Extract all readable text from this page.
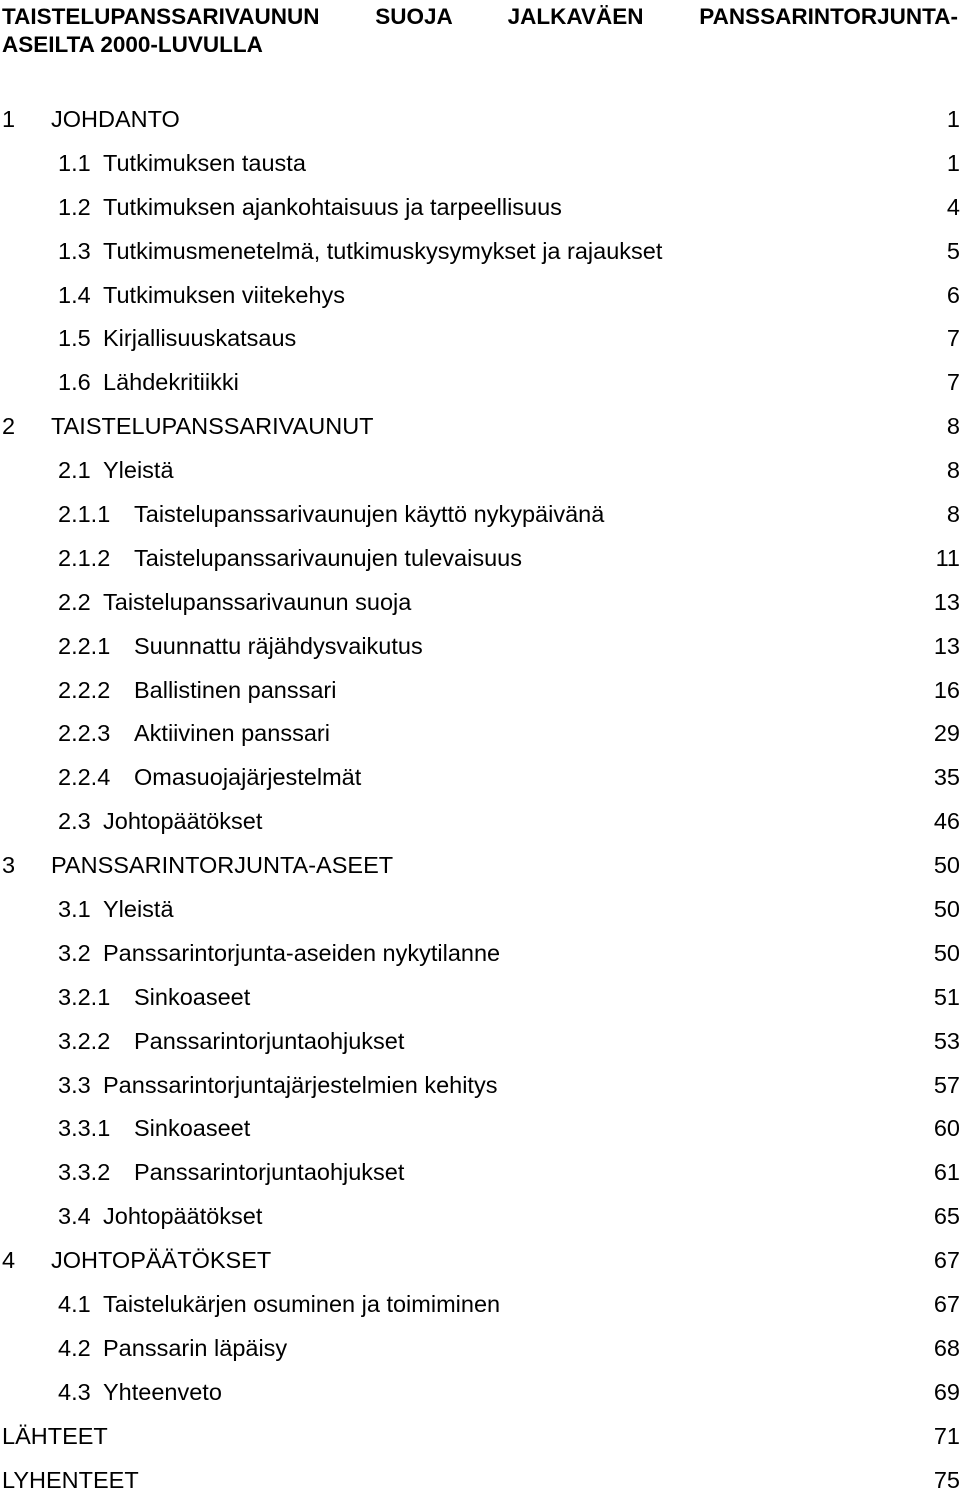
TAISTELUPANSSARIVAUNUN SUOJA JALKAVÄEN PANSSARINTORJUNTA-
ASEILTA 2000-LUVULLA
1 JOHDANTO	1
1.1 Tutkimuksen tausta	1
1.2 Tutkimuksen ajankohtaisuus ja tarpeellisuus	4
1.3 Tutkimusmenetelmä, tutkimuskysymykset ja rajaukset	5
1.4 Tutkimuksen viitekehys	6
1.5 Kirjallisuuskatsaus	7
1.6 Lähdekritiikki	7
2 TAISTELUPANSSARIVAUNUT	8
2.1 Yleistä	8
2.1.1 Taistelupanssarivaunujen käyttö nykypäivänä	8
2.1.2 Taistelupanssarivaunujen tulevaisuus	11
2.2 Taistelupanssarivaunun suoja	13
2.2.1 Suunnattu räjähdysvaikutus	13
2.2.2 Ballistinen panssari	16
2.2.3 Aktiivinen panssari	29
2.2.4 Omasuojajärjestelmät	35
2.3 Johtopäätökset	46
3 PANSSARINTORJUNTA-ASEET	50
3.1 Yleistä	50
3.2 Panssarintorjunta-aseiden nykytilanne	50
3.2.1 Sinkoaseet	51
3.2.2 Panssarintorjuntaohjukset	53
3.3 Panssarintorjuntajärjestelmien kehitys	57
3.3.1 Sinkoaseet	60
3.3.2 Panssarintorjuntaohjukset	61
3.4 Johtopäätökset	65
4 JOHTOPÄÄTÖKSET	67
4.1 Taistelukärjen osuminen ja toimiminen	67
4.2 Panssarin läpäisy	68
4.3 Yhteenveto	69
LÄHTEET	71
LYHENTEET	75
